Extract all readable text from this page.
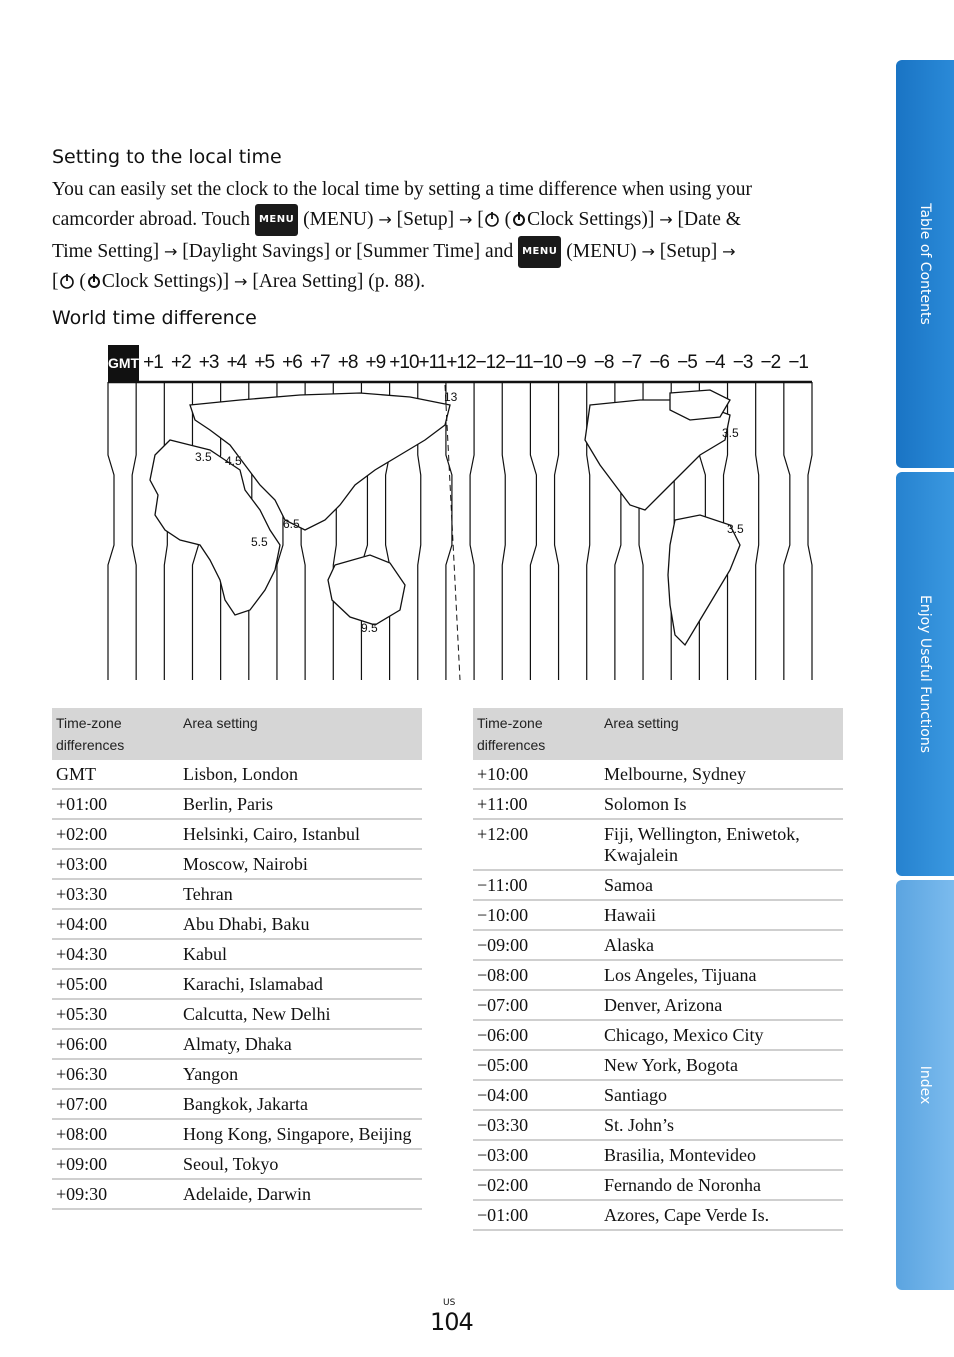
Setting to the local time
You can easily set the clock to the local time by setting a time difference when using your
camcorder abroad. Touch MENU (MENU) → [Setup] → [ ( Clock Settings)] → [Date &
Time Setting] → [Daylight Savings] or [Summer Time] and MENU (MENU) → [Setup] →
[ ( Clock Settings)] → [Area Setting] (p. 88).
World time difference
GMT +1 +2 +3 +4 +5 +6 +7 +8 +9 +10 +11 +12 −12 −11 −10 −9 −8 −7 −6 −5 −4 −3 −2 −1
13
3.5 4.5
3.5
6.5
5.5
3.5
9.5
Time-zone differences	Area setting
GMT	Lisbon, London
+01:00	Berlin, Paris
+02:00	Helsinki, Cairo, Istanbul
+03:00	Moscow, Nairobi
+03:30	Tehran
+04:00	Abu Dhabi, Baku
+04:30	Kabul
+05:00	Karachi, Islamabad
+05:30	Calcutta, New Delhi
+06:00	Almaty, Dhaka
+06:30	Yangon
+07:00	Bangkok, Jakarta
+08:00	Hong Kong, Singapore, Beijing
+09:00	Seoul, Tokyo
+09:30	Adelaide, Darwin
Time-zone differences	Area setting
+10:00	Melbourne, Sydney
+11:00	Solomon Is
+12:00	Fiji, Wellington, Eniwetok, Kwajalein
−11:00	Samoa
−10:00	Hawaii
−09:00	Alaska
−08:00	Los Angeles, Tijuana
−07:00	Denver, Arizona
−06:00	Chicago, Mexico City
−05:00	New York, Bogota
−04:00	Santiago
−03:30	St. John’s
−03:00	Brasilia, Montevideo
−02:00	Fernando de Noronha
−01:00	Azores, Cape Verde Is.
Table of Contents
Enjoy Useful Functions
Index
US
104
